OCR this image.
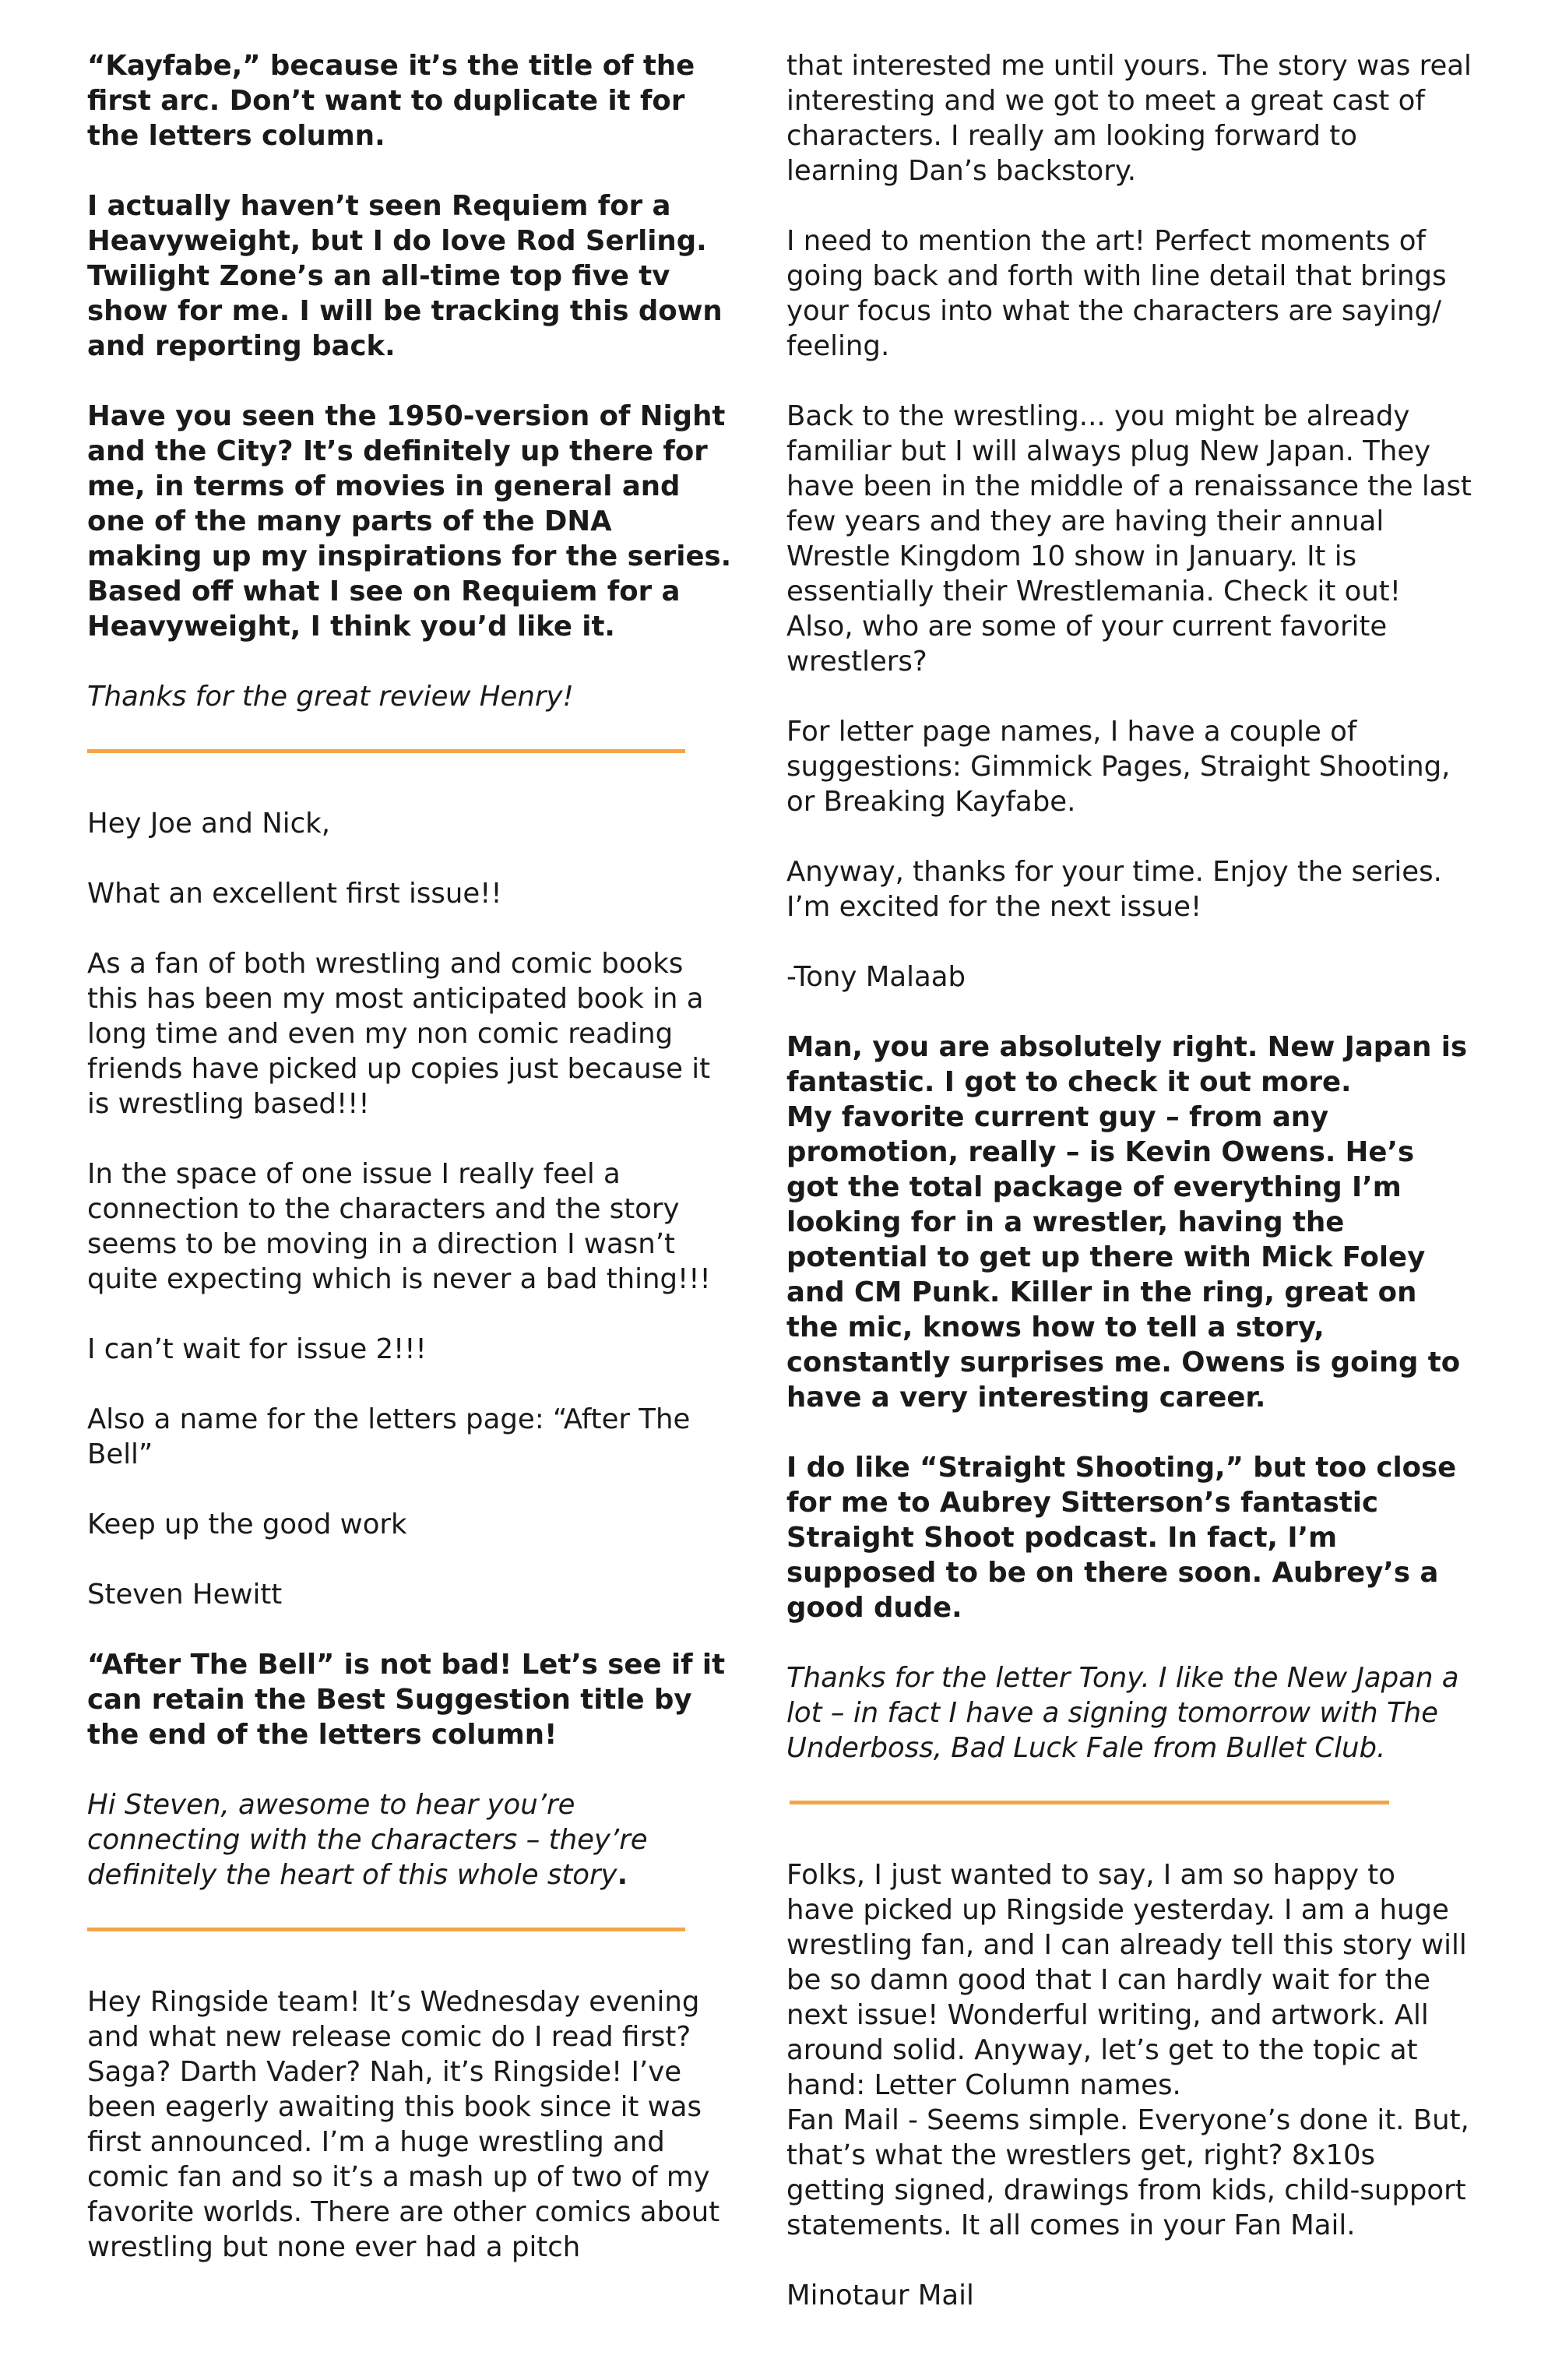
“Kayfabe,” because it’s the title of the first arc. Don’t want to duplicate it for the letters column.

I actually haven’t seen Requiem for a Heavyweight, but I do love Rod Serling. Twilight Zone’s an all-time top five tv show for me. I will be tracking this down and reporting back.

Have you seen the 1950-version of Night and the City? It’s definitely up there for me, in terms of movies in general and one of the many parts of the DNA making up my inspirations for the series. Based off what I see on Requiem for a Heavyweight, I think you’d like it.

Thanks for the great review Henry!

Hey Joe and Nick,

What an excellent first issue!!

As a fan of both wrestling and comic books this has been my most anticipated book in a long time and even my non comic reading friends have picked up copies just because it is wrestling based!!!

In the space of one issue I really feel a connection to the characters and the story seems to be moving in a direction I wasn’t quite expecting which is never a bad thing!!!

I can’t wait for issue 2!!!

Also a name for the letters page: “After The Bell”

Keep up the good work

Steven Hewitt

“After The Bell” is not bad! Let’s see if it can retain the Best Suggestion title by the end of the letters column!

Hi Steven, awesome to hear you’re connecting with the characters – they’re definitely the heart of this whole story.

Hey Ringside team! It’s Wednesday evening and what new release comic do I read first? Saga? Darth Vader? Nah, it’s Ringside! I’ve been eagerly awaiting this book since it was first announced. I’m a huge wrestling and comic fan and so it’s a mash up of two of my favorite worlds. There are other comics about wrestling but none ever had a pitch

that interested me until yours. The story was real interesting and we got to meet a great cast of characters. I really am looking forward to learning Dan’s backstory.

I need to mention the art! Perfect moments of going back and forth with line detail that brings your focus into what the characters are saying/ feeling.

Back to the wrestling... you might be already familiar but I will always plug New Japan. They have been in the middle of a renaissance the last few years and they are having their annual Wrestle Kingdom 10 show in January. It is essentially their Wrestlemania. Check it out! Also, who are some of your current favorite wrestlers?

For letter page names, I have a couple of suggestions: Gimmick Pages, Straight Shooting, or Breaking Kayfabe.

Anyway, thanks for your time. Enjoy the series. I’m excited for the next issue!

-Tony Malaab

Man, you are absolutely right. New Japan is fantastic. I got to check it out more.

My favorite current guy – from any promotion, really – is Kevin Owens. He’s got the total package of everything I’m looking for in a wrestler, having the potential to get up there with Mick Foley and CM Punk. Killer in the ring, great on the mic, knows how to tell a story, constantly surprises me. Owens is going to have a very interesting career.

I do like “Straight Shooting,” but too close for me to Aubrey Sitterson’s fantastic Straight Shoot podcast. In fact, I’m supposed to be on there soon. Aubrey’s a good dude.

Thanks for the letter Tony. I like the New Japan a lot – in fact I have a signing tomorrow with The Underboss, Bad Luck Fale from Bullet Club.

Folks, I just wanted to say, I am so happy to have picked up Ringside yesterday. I am a huge wrestling fan, and I can already tell this story will be so damn good that I can hardly wait for the next issue! Wonderful writing, and artwork. All around solid. Anyway, let’s get to the topic at hand: Letter Column names.

Fan Mail - Seems simple. Everyone’s done it. But, that’s what the wrestlers get, right? 8x10s getting signed, drawings from kids, child-support statements. It all comes in your Fan Mail.

Minotaur Mail
